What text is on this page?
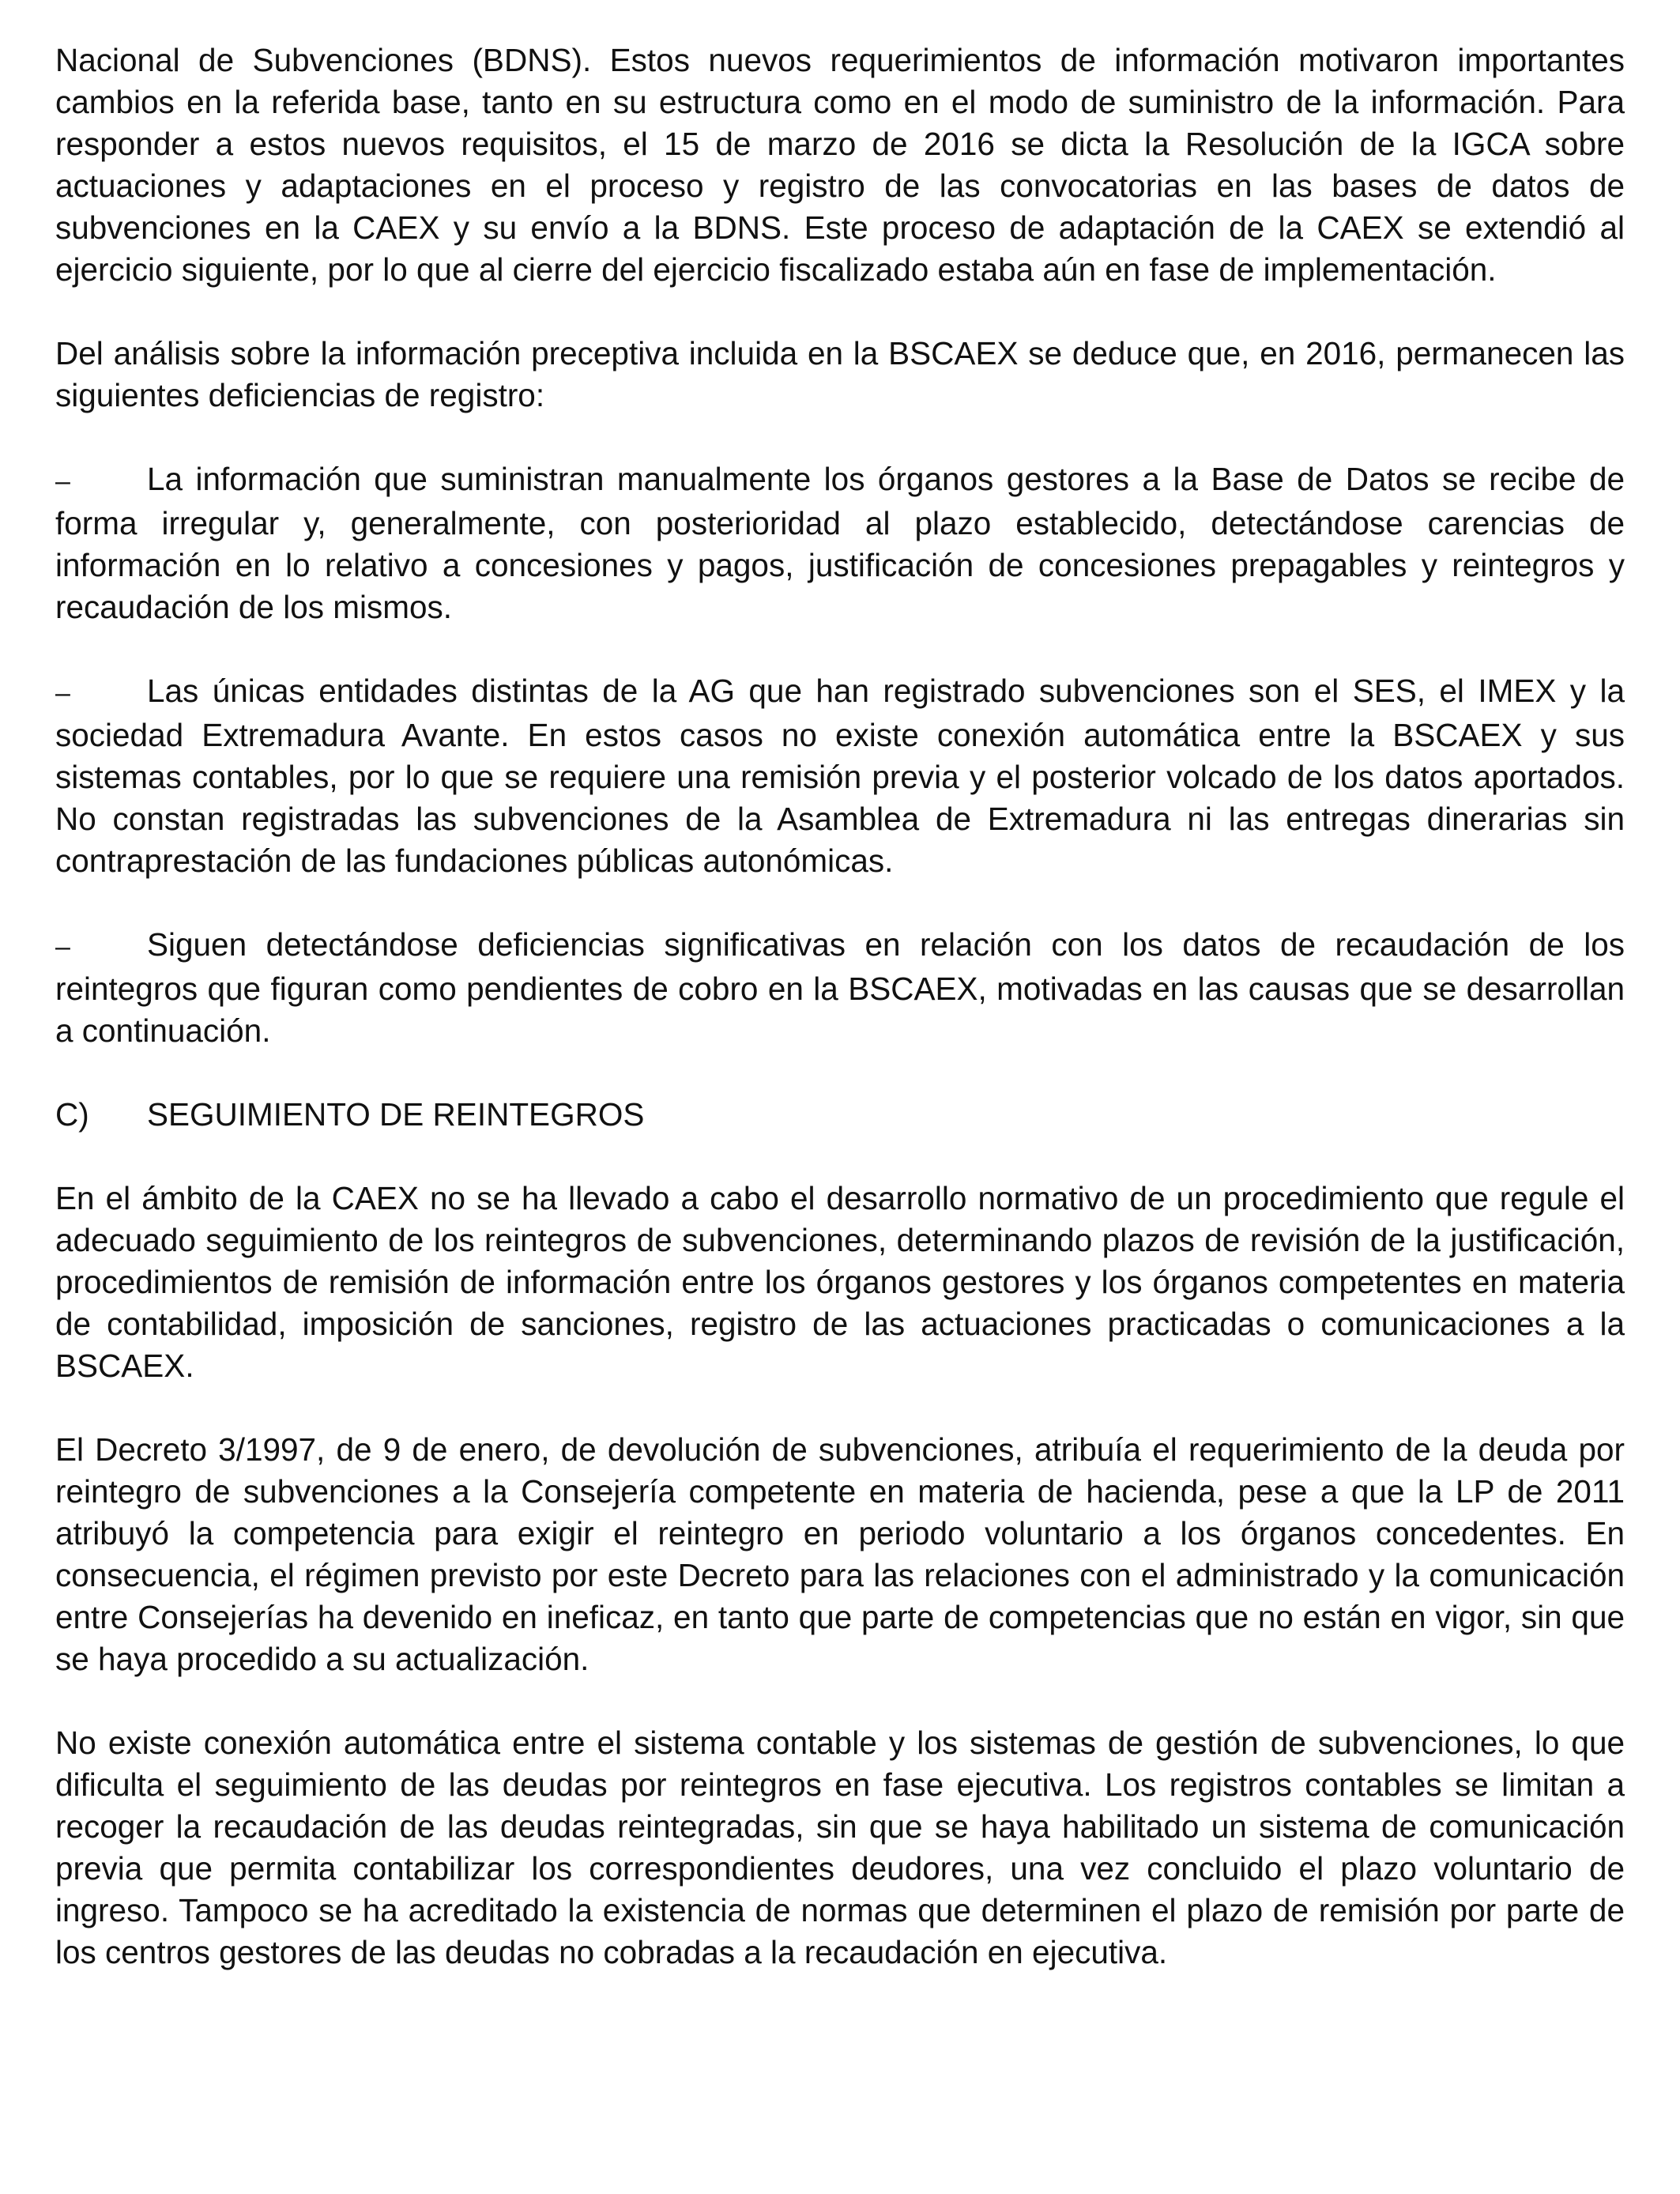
Nacional de Subvenciones (BDNS). Estos nuevos requerimientos de información motivaron importantes cambios en la referida base, tanto en su estructura como en el modo de suministro de la información. Para responder a estos nuevos requisitos, el 15 de marzo de 2016 se dicta la Resolución de la IGCA sobre actuaciones y adaptaciones en el proceso y registro de las convocatorias en las bases de datos de subvenciones en la CAEX y su envío a la BDNS. Este proceso de adaptación de la CAEX se extendió al ejercicio siguiente, por lo que al cierre del ejercicio fiscalizado estaba aún en fase de implementación.

Del análisis sobre la información preceptiva incluida en la BSCAEX se deduce que, en 2016, permanecen las siguientes deficiencias de registro:

– La información que suministran manualmente los órganos gestores a la Base de Datos se recibe de forma irregular y, generalmente, con posterioridad al plazo establecido, detectándose carencias de información en lo relativo a concesiones y pagos, justificación de concesiones prepagables y reintegros y recaudación de los mismos.

– Las únicas entidades distintas de la AG que han registrado subvenciones son el SES, el IMEX y la sociedad Extremadura Avante. En estos casos no existe conexión automática entre la BSCAEX y sus sistemas contables, por lo que se requiere una remisión previa y el posterior volcado de los datos aportados. No constan registradas las subvenciones de la Asamblea de Extremadura ni las entregas dinerarias sin contraprestación de las fundaciones públicas autonómicas.

– Siguen detectándose deficiencias significativas en relación con los datos de recaudación de los reintegros que figuran como pendientes de cobro en la BSCAEX, motivadas en las causas que se desarrollan a continuación.

C) SEGUIMIENTO DE REINTEGROS

En el ámbito de la CAEX no se ha llevado a cabo el desarrollo normativo de un procedimiento que regule el adecuado seguimiento de los reintegros de subvenciones, determinando plazos de revisión de la justificación, procedimientos de remisión de información entre los órganos gestores y los órganos competentes en materia de contabilidad, imposición de sanciones, registro de las actuaciones practicadas o comunicaciones a la BSCAEX.

El Decreto 3/1997, de 9 de enero, de devolución de subvenciones, atribuía el requerimiento de la deuda por reintegro de subvenciones a la Consejería competente en materia de hacienda, pese a que la LP de 2011 atribuyó la competencia para exigir el reintegro en periodo voluntario a los órganos concedentes. En consecuencia, el régimen previsto por este Decreto para las relaciones con el administrado y la comunicación entre Consejerías ha devenido en ineficaz, en tanto que parte de competencias que no están en vigor, sin que se haya procedido a su actualización.

No existe conexión automática entre el sistema contable y los sistemas de gestión de subvenciones, lo que dificulta el seguimiento de las deudas por reintegros en fase ejecutiva. Los registros contables se limitan a recoger la recaudación de las deudas reintegradas, sin que se haya habilitado un sistema de comunicación previa que permita contabilizar los correspondientes deudores, una vez concluido el plazo voluntario de ingreso. Tampoco se ha acreditado la existencia de normas que determinen el plazo de remisión por parte de los centros gestores de las deudas no cobradas a la recaudación en ejecutiva.
